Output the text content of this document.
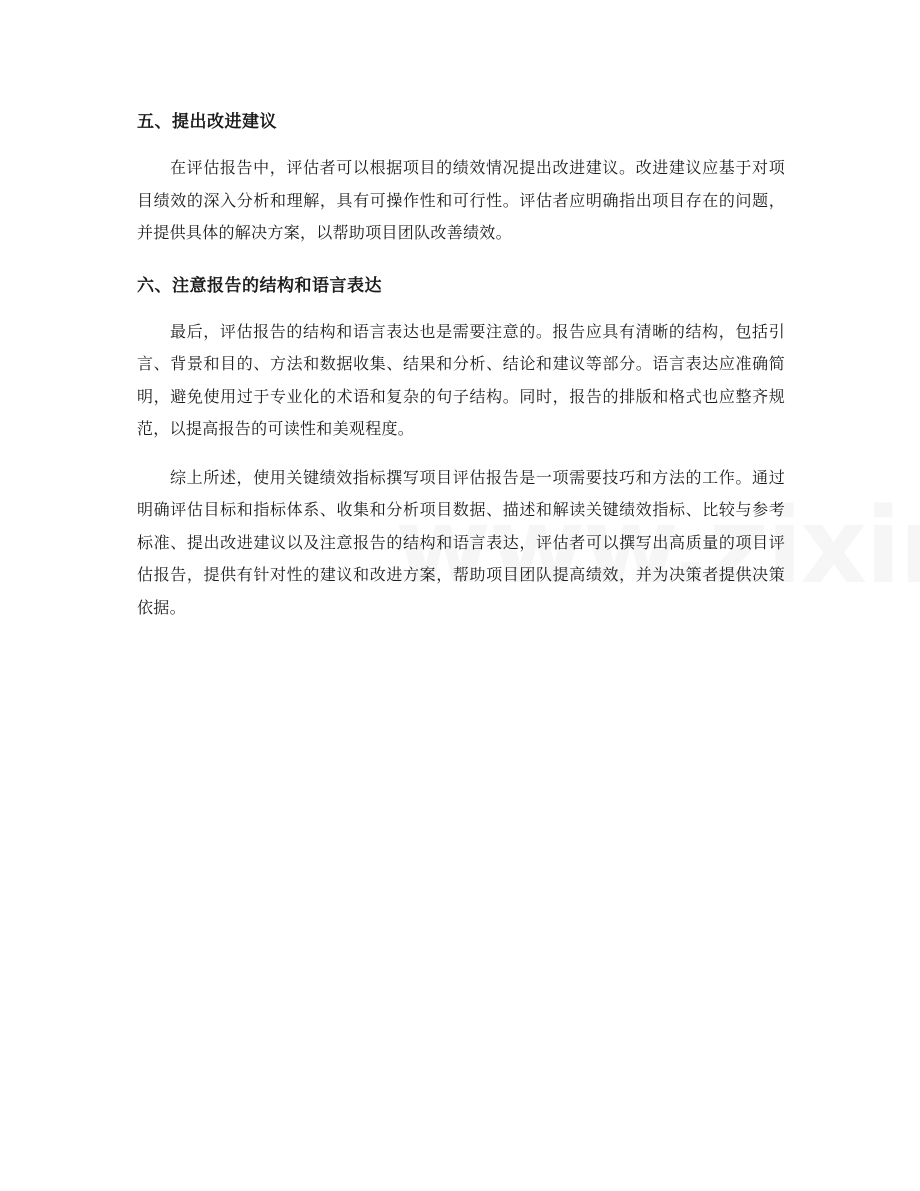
五、提出改进建议

在评估报告中，评估者可以根据项目的绩效情况提出改进建议。改进建议应基于对项目绩效的深入分析和理解，具有可操作性和可行性。评估者应明确指出项目存在的问题，并提供具体的解决方案，以帮助项目团队改善绩效。

六、注意报告的结构和语言表达

最后，评估报告的结构和语言表达也是需要注意的。报告应具有清晰的结构，包括引言、背景和目的、方法和数据收集、结果和分析、结论和建议等部分。语言表达应准确简明，避免使用过于专业化的术语和复杂的句子结构。同时，报告的排版和格式也应整齐规范，以提高报告的可读性和美观程度。

综上所述，使用关键绩效指标撰写项目评估报告是一项需要技巧和方法的工作。通过明确评估目标和指标体系、收集和分析项目数据、描述和解读关键绩效指标、比较与参考标准、提出改进建议以及注意报告的结构和语言表达，评估者可以撰写出高质量的项目评估报告，提供有针对性的建议和改进方案，帮助项目团队提高绩效，并为决策者提供决策依据。
